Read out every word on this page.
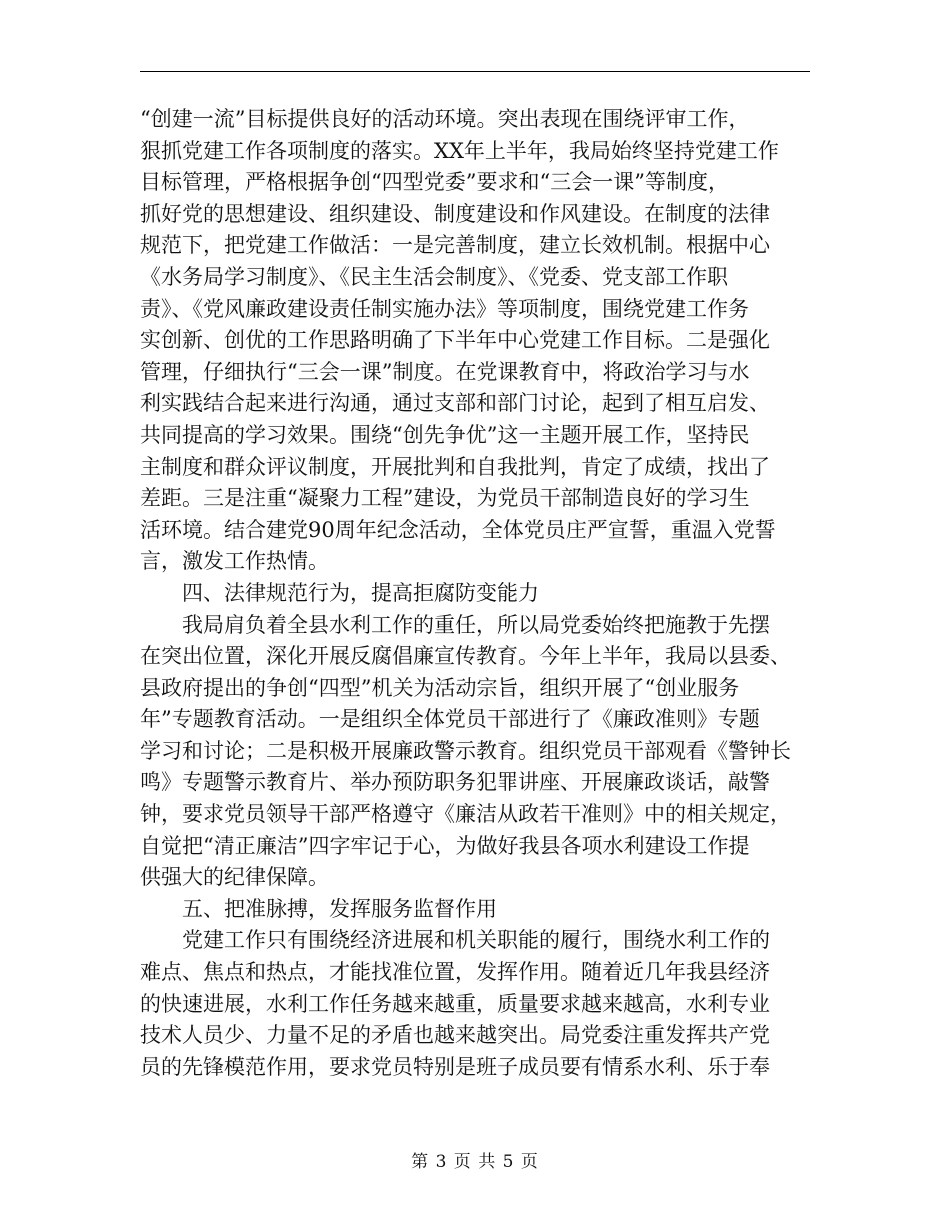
“创建一流”目标提供良好的活动环境。突出表现在围绕评审工作，
狠抓党建工作各项制度的落实。XX年上半年，我局始终坚持党建工作
目标管理，严格根据争创“四型党委”要求和“三会一课”等制度，
抓好党的思想建设、组织建设、制度建设和作风建设。在制度的法律
规范下，把党建工作做活：一是完善制度，建立长效机制。根据中心
《水务局学习制度》、《民主生活会制度》、《党委、党支部工作职
责》、《党风廉政建设责任制实施办法》等项制度，围绕党建工作务
实创新、创优的工作思路明确了下半年中心党建工作目标。二是强化
管理，仔细执行“三会一课”制度。在党课教育中，将政治学习与水
利实践结合起来进行沟通，通过支部和部门讨论，起到了相互启发、
共同提高的学习效果。围绕“创先争优”这一主题开展工作，坚持民
主制度和群众评议制度，开展批判和自我批判，肯定了成绩，找出了
差距。三是注重“凝聚力工程”建设，为党员干部制造良好的学习生
活环境。结合建党90周年纪念活动，全体党员庄严宣誓，重温入党誓
言，激发工作热情。
四、法律规范行为，提高拒腐防变能力
我局肩负着全县水利工作的重任，所以局党委始终把施教于先摆
在突出位置，深化开展反腐倡廉宣传教育。今年上半年，我局以县委、
县政府提出的争创“四型”机关为活动宗旨，组织开展了“创业服务
年”专题教育活动。一是组织全体党员干部进行了《廉政准则》专题
学习和讨论；二是积极开展廉政警示教育。组织党员干部观看《警钟长
鸣》专题警示教育片、举办预防职务犯罪讲座、开展廉政谈话，敲警
钟，要求党员领导干部严格遵守《廉洁从政若干准则》中的相关规定，
自觉把“清正廉洁”四字牢记于心，为做好我县各项水利建设工作提
供强大的纪律保障。
五、把准脉搏，发挥服务监督作用
党建工作只有围绕经济进展和机关职能的履行，围绕水利工作的
难点、焦点和热点，才能找准位置，发挥作用。随着近几年我县经济
的快速进展，水利工作任务越来越重，质量要求越来越高，水利专业
技术人员少、力量不足的矛盾也越来越突出。局党委注重发挥共产党
员的先锋模范作用，要求党员特别是班子成员要有情系水利、乐于奉
第 3 页 共 5 页
